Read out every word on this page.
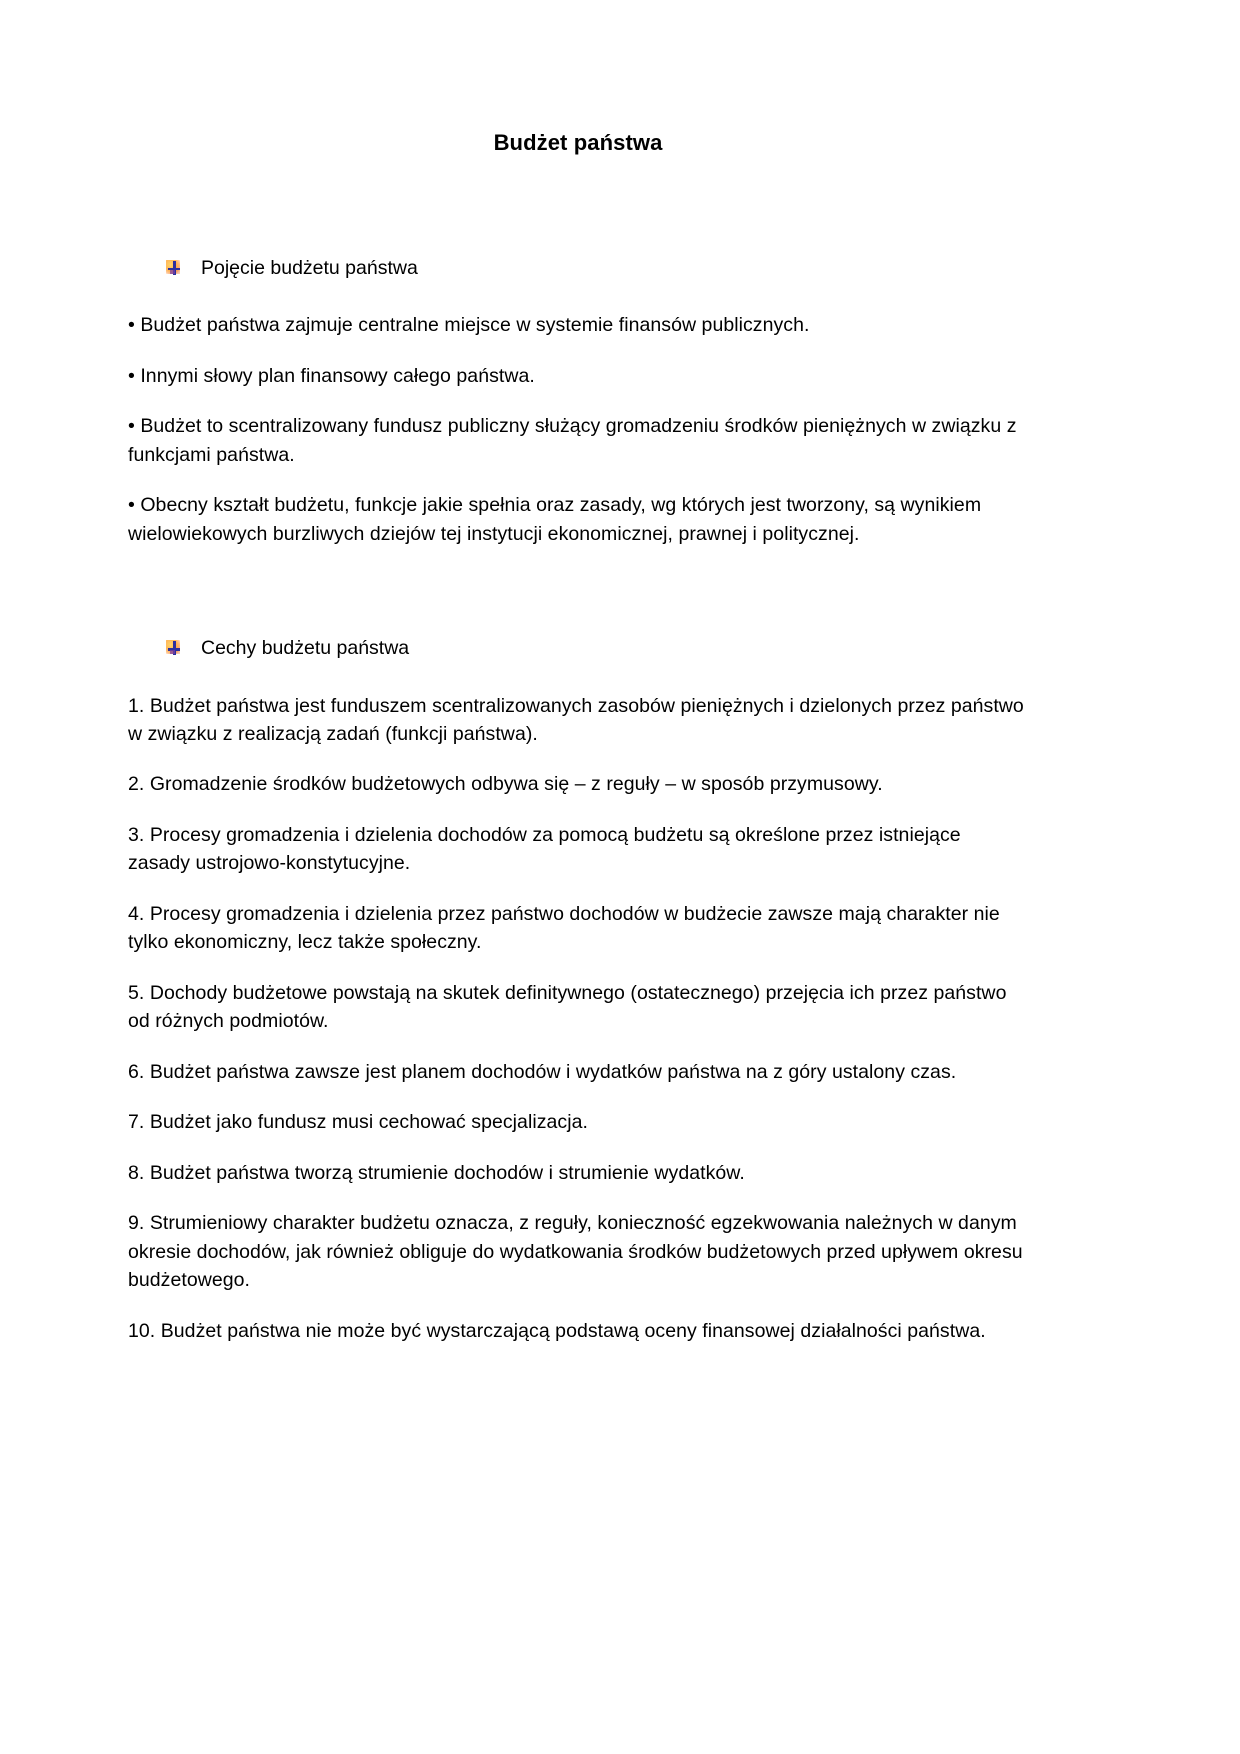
Budżet państwa
Pojęcie budżetu państwa

• Budżet państwa zajmuje centralne miejsce w systemie finansów publicznych.

• Innymi słowy plan finansowy całego państwa.

• Budżet to scentralizowany fundusz publiczny służący gromadzeniu środków pieniężnych w związku z funkcjami państwa.

• Obecny kształt budżetu, funkcje jakie spełnia oraz zasady, wg których jest tworzony, są wynikiem wielowiekowych burzliwych dziejów tej instytucji ekonomicznej, prawnej i politycznej.

Cechy budżetu państwa

1. Budżet państwa jest funduszem scentralizowanych zasobów pieniężnych i dzielonych przez państwo w związku z realizacją zadań (funkcji państwa).

2. Gromadzenie środków budżetowych odbywa się – z reguły – w sposób przymusowy.

3. Procesy gromadzenia i dzielenia dochodów za pomocą budżetu są określone przez istniejące zasady ustrojowo-konstytucyjne.

4. Procesy gromadzenia i dzielenia przez państwo dochodów w budżecie zawsze mają charakter nie tylko ekonomiczny, lecz także społeczny.

5. Dochody budżetowe powstają na skutek definitywnego (ostatecznego) przejęcia ich przez państwo od różnych podmiotów.

6. Budżet państwa zawsze jest planem dochodów i wydatków państwa na z góry ustalony czas.

7. Budżet jako fundusz musi cechować specjalizacja.

8. Budżet państwa tworzą strumienie dochodów i strumienie wydatków.

9. Strumieniowy charakter budżetu oznacza, z reguły, konieczność egzekwowania należnych w danym okresie dochodów, jak również obliguje do wydatkowania środków budżetowych przed upływem okresu budżetowego.

10. Budżet państwa nie może być wystarczającą podstawą oceny finansowej działalności państwa.
